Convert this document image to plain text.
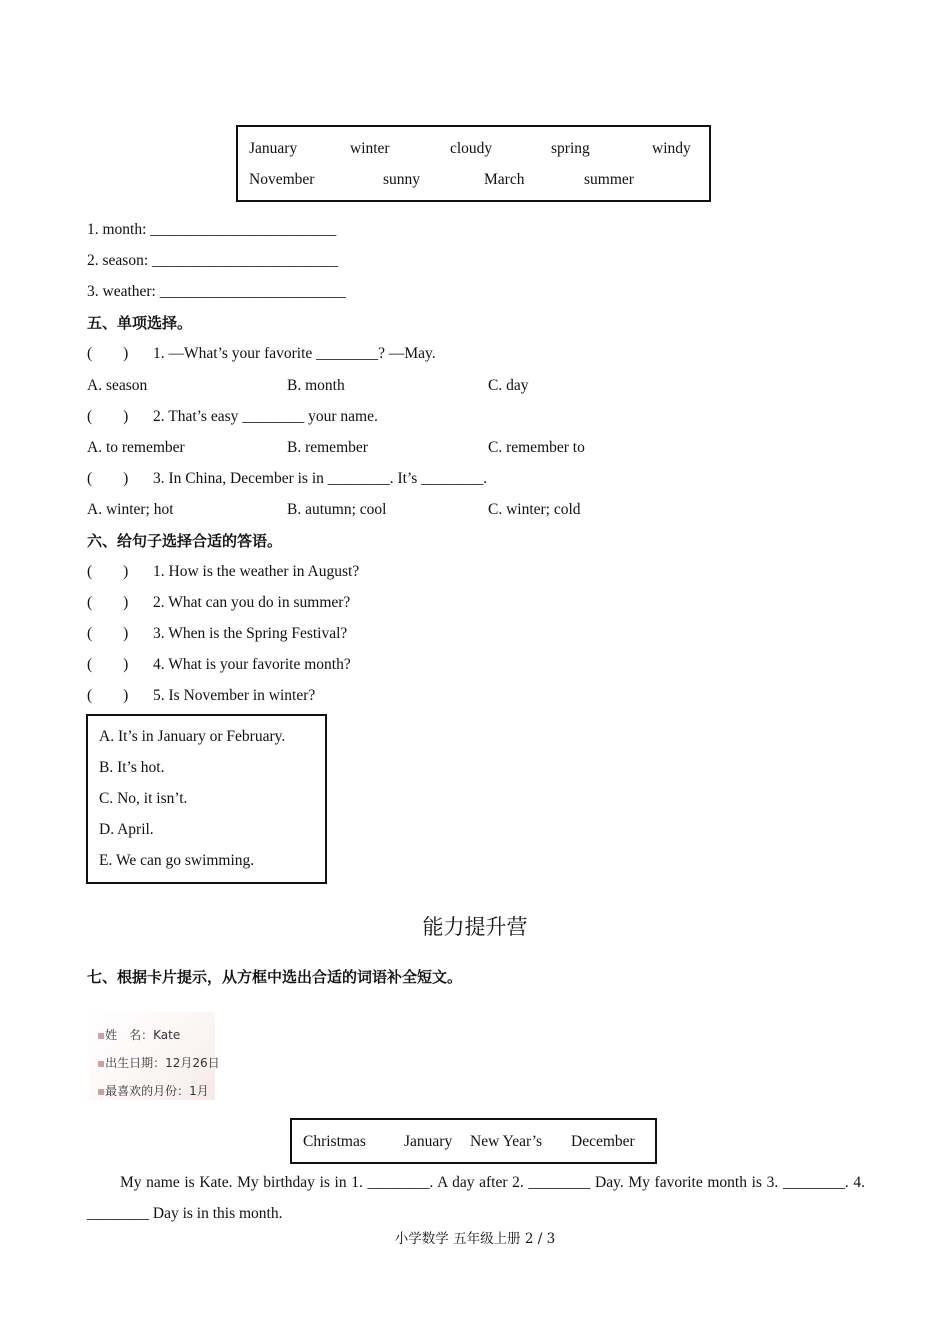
January	winter	cloudy	spring	windy
November	sunny	March	summer
1. month: ________________________
2. season: ________________________
3. weather: ________________________
五、单项选择。
(　　) 1. —What’s your favorite ________? —May.
A. season	B. month	C. day
(　　) 2. That’s easy ________ your name.
A. to remember	B. remember	C. remember to
(　　) 3. In China, December is in ________. It’s ________.
A. winter; hot	B. autumn; cool	C. winter; cold
六、给句子选择合适的答语。
(　　) 1. How is the weather in August?
(　　) 2. What can you do in summer?
(　　) 3. When is the Spring Festival?
(　　) 4. What is your favorite month?
(　　) 5. Is November in winter?
A. It’s in January or February.
B. It’s hot.
C. No, it isn’t.
D. April.
E. We can go swimming.
能力提升营
七、根据卡片提示，从方框中选出合适的词语补全短文。
▪姓　名：Kate
▪出生日期：12月26日
▪最喜欢的月份：1月
Christmas January New Year’s December
My name is Kate. My birthday is in 1. ________. A day after 2. ________ Day. My favorite month is 3. ________. 4. ________ Day is in this month.
小学数学 五年级上册 2 / 3
